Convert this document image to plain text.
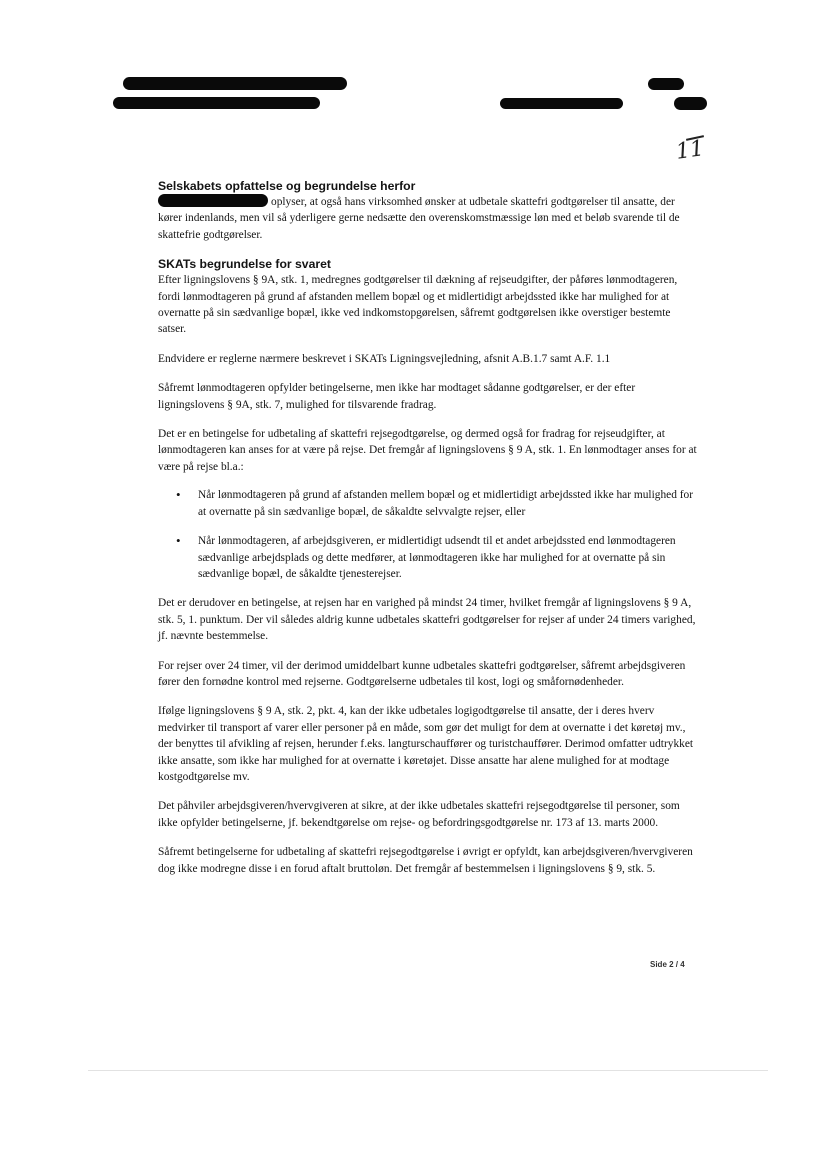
11
Selskabets opfattelse og begrundelse herfor

oplyser, at også hans virksomhed ønsker at udbetale skattefri godtgørelser til ansatte, der kører indenlands, men vil så yderligere gerne nedsætte den overenskomstmæssige løn med et beløb svarende til de skattefrie godtgørelser.

SKATs begrundelse for svaret

Efter ligningslovens § 9A, stk. 1, medregnes godtgørelser til dækning af rejseudgifter, der påføres lønmodtageren, fordi lønmodtageren på grund af afstanden mellem bopæl og et midlertidigt arbejdssted ikke har mulighed for at overnatte på sin sædvanlige bopæl, ikke ved indkomstopgørelsen, såfremt godtgørelsen ikke overstiger bestemte satser.

Endvidere er reglerne nærmere beskrevet i SKATs Ligningsvejledning, afsnit A.B.1.7 samt A.F. 1.1

Såfremt lønmodtageren opfylder betingelserne, men ikke har modtaget sådanne godtgørelser, er der efter ligningslovens § 9A, stk. 7, mulighed for tilsvarende fradrag.

Det er en betingelse for udbetaling af skattefri rejsegodtgørelse, og dermed også for fradrag for rejseudgifter, at lønmodtageren kan anses for at være på rejse. Det fremgår af ligningslovens § 9 A, stk. 1. En lønmodtager anses for at være på rejse bl.a.:

• Når lønmodtageren på grund af afstanden mellem bopæl og et midlertidigt arbejdssted ikke har mulighed for at overnatte på sin sædvanlige bopæl, de såkaldte selvvalgte rejser, eller
• Når lønmodtageren, af arbejdsgiveren, er midlertidigt udsendt til et andet arbejdssted end lønmodtageren sædvanlige arbejdsplads og dette medfører, at lønmodtageren ikke har mulighed for at overnatte på sin sædvanlige bopæl, de såkaldte tjenesterejser.

Det er derudover en betingelse, at rejsen har en varighed på mindst 24 timer, hvilket fremgår af ligningslovens § 9 A, stk. 5, 1. punktum. Der vil således aldrig kunne udbetales skattefri godtgørelser for rejser af under 24 timers varighed, jf. nævnte bestemmelse.

For rejser over 24 timer, vil der derimod umiddelbart kunne udbetales skattefri godtgørelser, såfremt arbejdsgiveren fører den fornødne kontrol med rejserne. Godtgørelserne udbetales til kost, logi og småfornødenheder.

Ifølge ligningslovens § 9 A, stk. 2, pkt. 4, kan der ikke udbetales logigodtgørelse til ansatte, der i deres hverv medvirker til transport af varer eller personer på en måde, som gør det muligt for dem at overnatte i det køretøj mv., der benyttes til afvikling af rejsen, herunder f.eks. langturschauffører og turistchauffører. Derimod omfatter udtrykket ikke ansatte, som ikke har mulighed for at overnatte i køretøjet. Disse ansatte har alene mulighed for at modtage kostgodtgørelse mv.

Det påhviler arbejdsgiveren/hvervgiveren at sikre, at der ikke udbetales skattefri rejsegodtgørelse til personer, som ikke opfylder betingelserne, jf. bekendtgørelse om rejse- og befordringsgodtgørelse nr. 173 af 13. marts 2000.

Såfremt betingelserne for udbetaling af skattefri rejsegodtgørelse i øvrigt er opfyldt, kan arbejdsgiveren/hvervgiveren dog ikke modregne disse i en forud aftalt bruttoløn. Det fremgår af bestemmelsen i ligningslovens § 9, stk. 5.

Side 2 / 4
